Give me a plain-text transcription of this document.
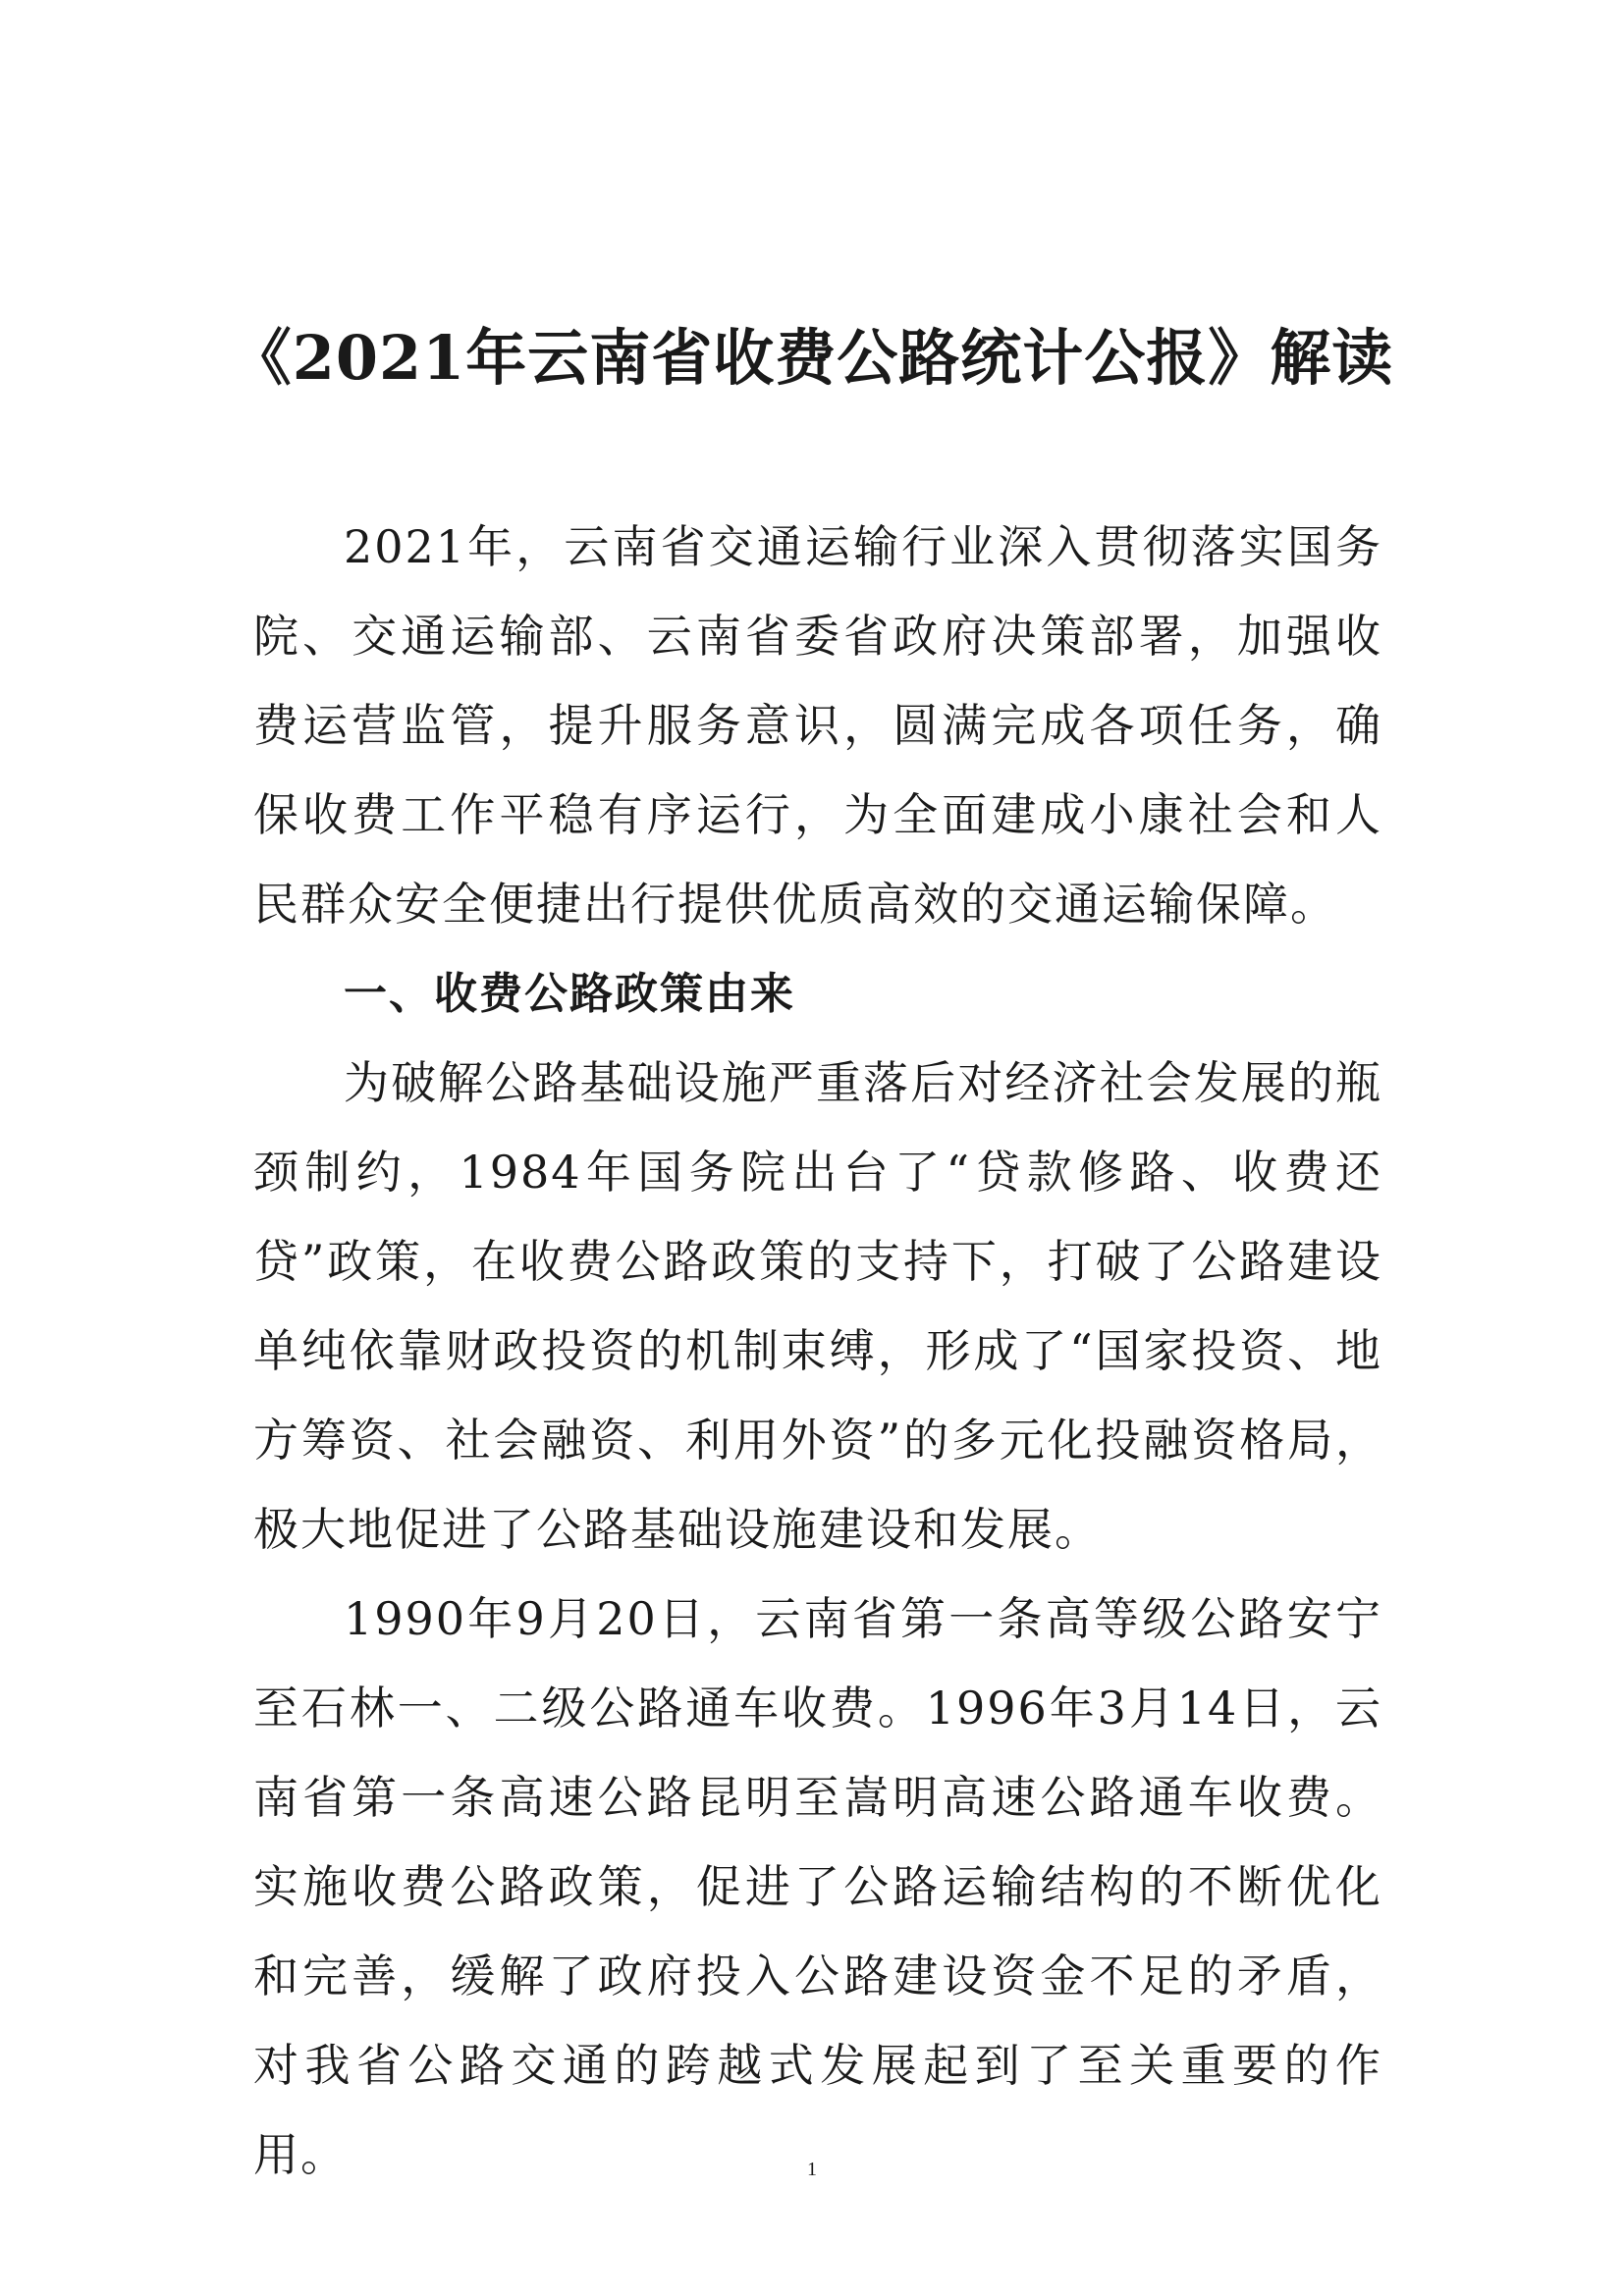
《2021年云南省收费公路统计公报》解读

2021年，云南省交通运输行业深入贯彻落实国务院、交通运输部、云南省委省政府决策部署，加强收费运营监管，提升服务意识，圆满完成各项任务，确保收费工作平稳有序运行，为全面建成小康社会和人民群众安全便捷出行提供优质高效的交通运输保障。

一、收费公路政策由来

为破解公路基础设施严重落后对经济社会发展的瓶颈制约，1984年国务院出台了“贷款修路、收费还贷”政策，在收费公路政策的支持下，打破了公路建设单纯依靠财政投资的机制束缚，形成了“国家投资、地方筹资、社会融资、利用外资”的多元化投融资格局，极大地促进了公路基础设施建设和发展。

1990年9月20日，云南省第一条高等级公路安宁至石林一、二级公路通车收费。1996年3月14日，云南省第一条高速公路昆明至嵩明高速公路通车收费。实施收费公路政策，促进了公路运输结构的不断优化和完善，缓解了政府投入公路建设资金不足的矛盾，对我省公路交通的跨越式发展起到了至关重要的作用。	1
